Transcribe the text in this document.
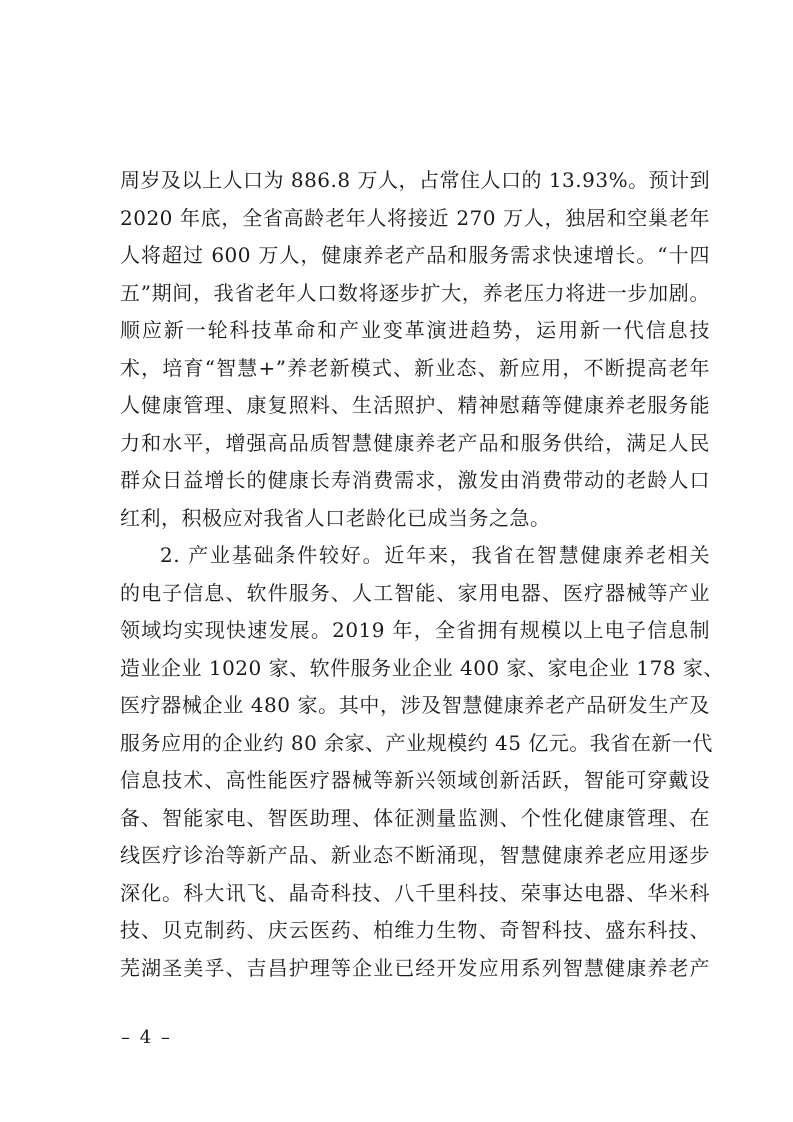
周岁及以上人口为 886.8 万人，占常住人口的 13.93%。预计到
2020 年底，全省高龄老年人将接近 270 万人，独居和空巢老年
人将超过 600 万人，健康养老产品和服务需求快速增长。“十四
五”期间，我省老年人口数将逐步扩大，养老压力将进一步加剧。
顺应新一轮科技革命和产业变革演进趋势，运用新一代信息技
术，培育“智慧+”养老新模式、新业态、新应用，不断提高老年
人健康管理、康复照料、生活照护、精神慰藉等健康养老服务能
力和水平，增强高品质智慧健康养老产品和服务供给，满足人民
群众日益增长的健康长寿消费需求，激发由消费带动的老龄人口
红利，积极应对我省人口老龄化已成当务之急。
2. 产业基础条件较好。近年来，我省在智慧健康养老相关
的电子信息、软件服务、人工智能、家用电器、医疗器械等产业
领域均实现快速发展。2019 年，全省拥有规模以上电子信息制
造业企业 1020 家、软件服务业企业 400 家、家电企业 178 家、
医疗器械企业 480 家。其中，涉及智慧健康养老产品研发生产及
服务应用的企业约 80 余家、产业规模约 45 亿元。我省在新一代
信息技术、高性能医疗器械等新兴领域创新活跃，智能可穿戴设
备、智能家电、智医助理、体征测量监测、个性化健康管理、在
线医疗诊治等新产品、新业态不断涌现，智慧健康养老应用逐步
深化。科大讯飞、晶奇科技、八千里科技、荣事达电器、华米科
技、贝克制药、庆云医药、柏维力生物、奇智科技、盛东科技、
芜湖圣美孚、吉昌护理等企业已经开发应用系列智慧健康养老产
– 4 –
